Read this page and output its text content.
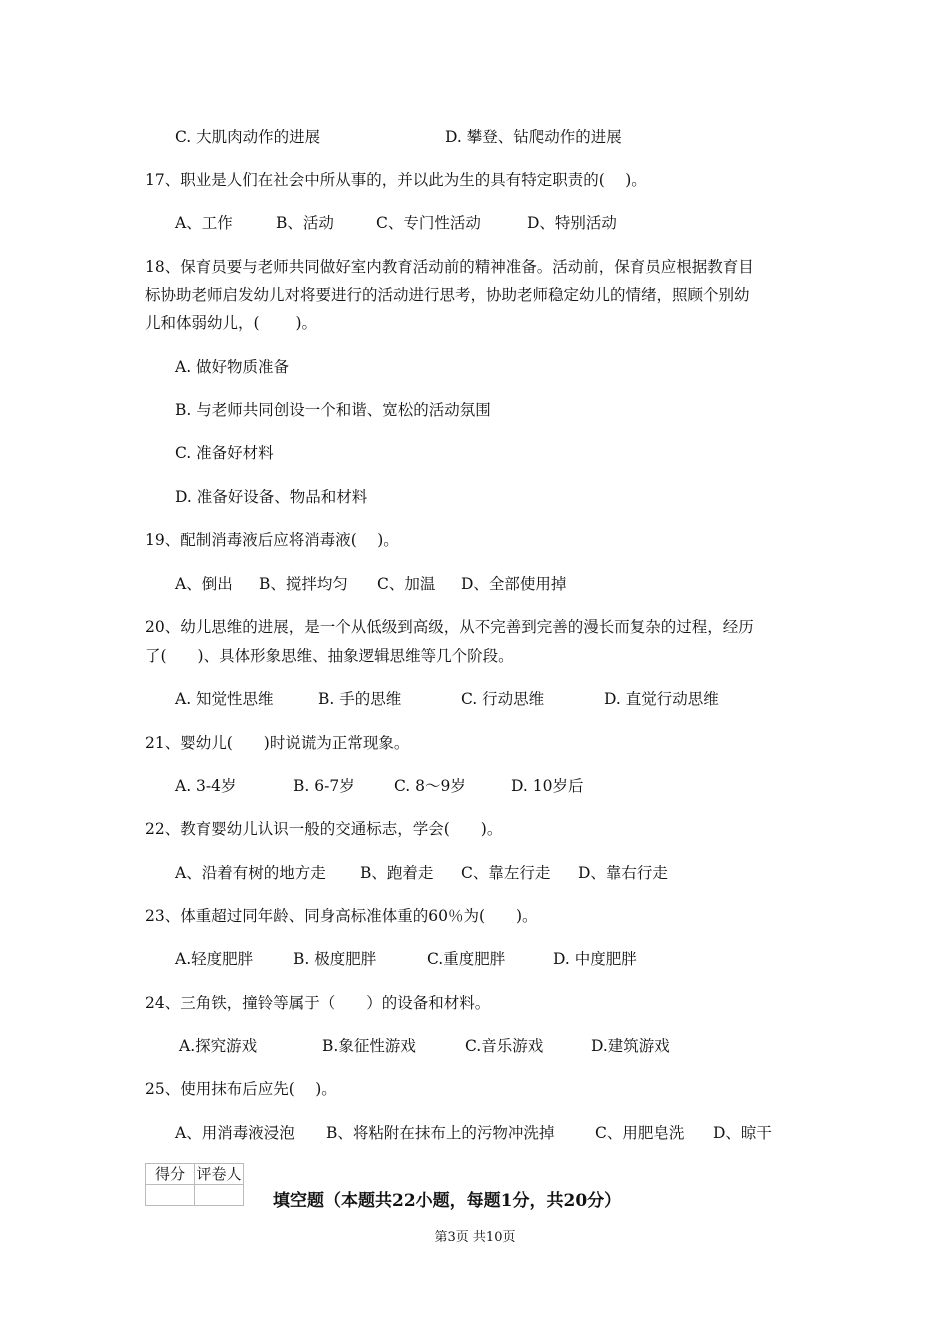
C. 大肌肉动作的进展	D. 攀登、钻爬动作的进展
17、职业是人们在社会中所从事的，并以此为生的具有特定职责的(　 )。
A、工作	B、活动	C、专门性活动	D、特别活动
18、保育员要与老师共同做好室内教育活动前的精神准备。活动前，保育员应根据教育目
标协助老师启发幼儿对将要进行的活动进行思考，协助老师稳定幼儿的情绪，照顾个别幼
儿和体弱幼儿，(　 　)。
A. 做好物质准备
B. 与老师共同创设一个和谐、宽松的活动氛围
C. 准备好材料
D. 准备好设备、物品和材料
19、配制消毒液后应将消毒液(　 )。
A、倒出 B、搅拌均匀 C、加温 D、全部使用掉
20、幼儿思维的进展，是一个从低级到高级，从不完善到完善的漫长而复杂的过程，经历
了(　　)、具体形象思维、抽象逻辑思维等几个阶段。
A. 知觉性思维	B. 手的思维	C. 行动思维	D. 直觉行动思维
21、婴幼儿(　　)时说谎为正常现象。
A. 3-4岁	B. 6-7岁	C. 8～9岁	D. 10岁后
22、教育婴幼儿认识一般的交通标志，学会(　　)。
A、沿着有树的地方走 B、跑着走 C、靠左行走 D、靠右行走
23、体重超过同年龄、同身高标准体重的60％为(　　)。
A.轻度肥胖	B. 极度肥胖	C.重度肥胖	D. 中度肥胖
24、三角铁，撞铃等属于（　　）的设备和材料。
A.探究游戏	B.象征性游戏	C.音乐游戏	D.建筑游戏
25、使用抹布后应先(　 )。
A、用消毒液浸泡 B、将粘附在抹布上的污物冲洗掉	C、用肥皂洗 D、晾干
得分	评卷人

填空题（本题共22小题，每题1分，共20分）
第3页 共10页
